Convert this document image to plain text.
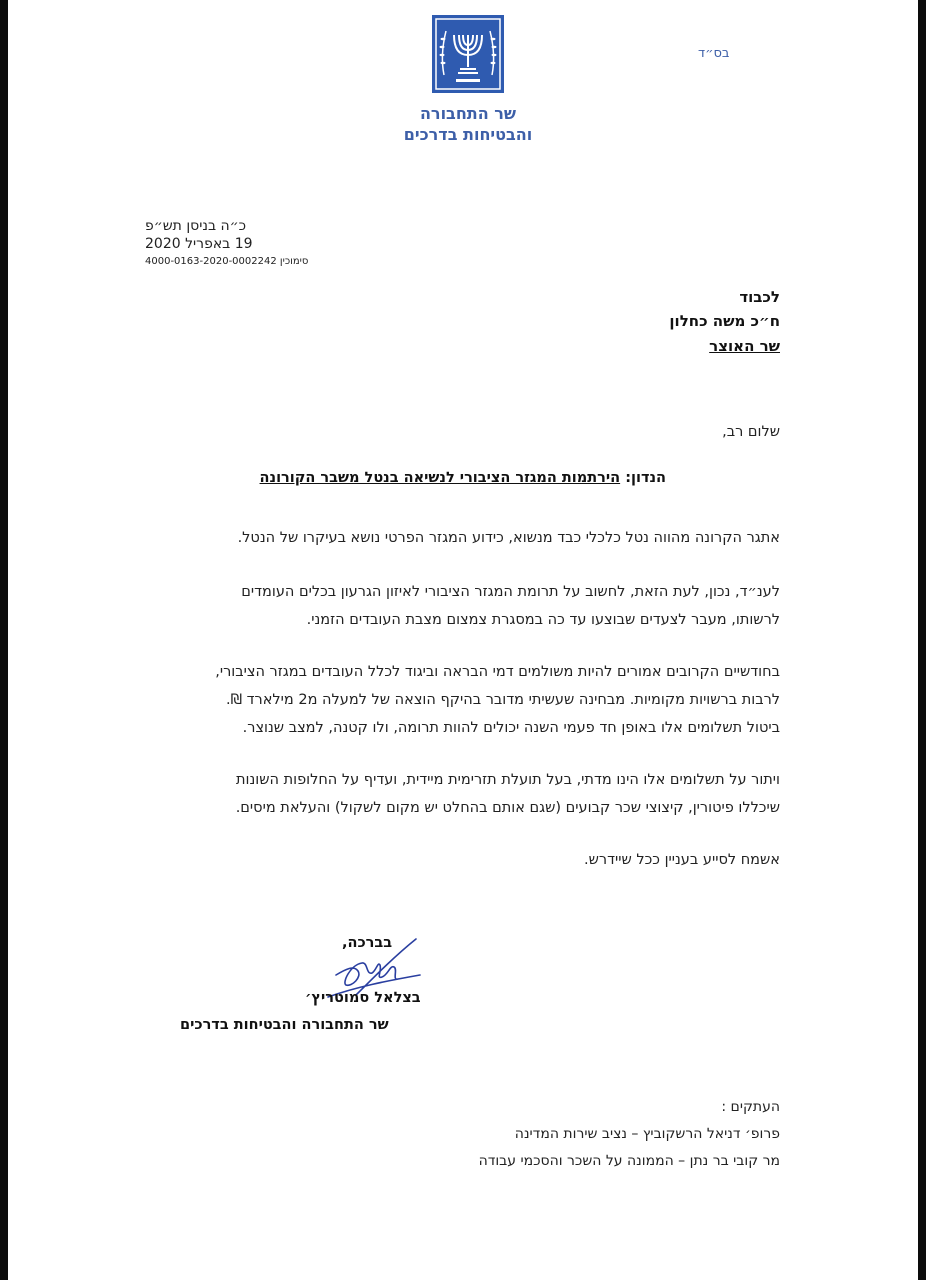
שר התחבורה
והבטיחות בדרכים
בס״ד
כ״ה בניסן תש״פ
19 באפריל 2020
סימוכין 4000-0163-2020-0002242
לכבוד
ח״כ משה כחלון
שר האוצר
שלום רב,
הנדון: הירתמות המגזר הציבורי לנשיאה בנטל משבר הקורונה
אתגר הקרונה מהווה נטל כלכלי כבד מנשוא, כידוע המגזר הפרטי נושא בעיקרו של הנטל.
לענ״ד, נכון, לעת הזאת, לחשוב על תרומת המגזר הציבורי לאיזון הגרעון בכלים העומדים
לרשותו, מעבר לצעדים שבוצעו עד כה במסגרת צמצום מצבת העובדים הזמני.
בחודשיים הקרובים אמורים להיות משולמים דמי הבראה וביגוד לכלל העובדים במגזר הציבורי,
לרבות ברשויות מקומיות. מבחינה שעשיתי מדובר בהיקף הוצאה של למעלה מ2 מילארד ₪.
ביטול תשלומים אלו באופן חד פעמי השנה יכולים להוות תרומה, ולו קטנה, למצב שנוצר.
ויתור על תשלומים אלו הינו מדתי, בעל תועלת תזרימית מיידית, ועדיף על החלופות השונות
שיכללו פיטורין, קיצוצי שכר קבועים (שגם אותם בהחלט יש מקום לשקול) והעלאת מיסים.
אשמח לסייע בעניין ככל שיידרש.
בברכה,
בצלאל סמוטריץ׳
שר התחבורה והבטיחות בדרכים
העתקים :
פרופ׳ דניאל הרשקוביץ – נציב שירות המדינה
מר קובי בר נתן – הממונה על השכר והסכמי עבודה
